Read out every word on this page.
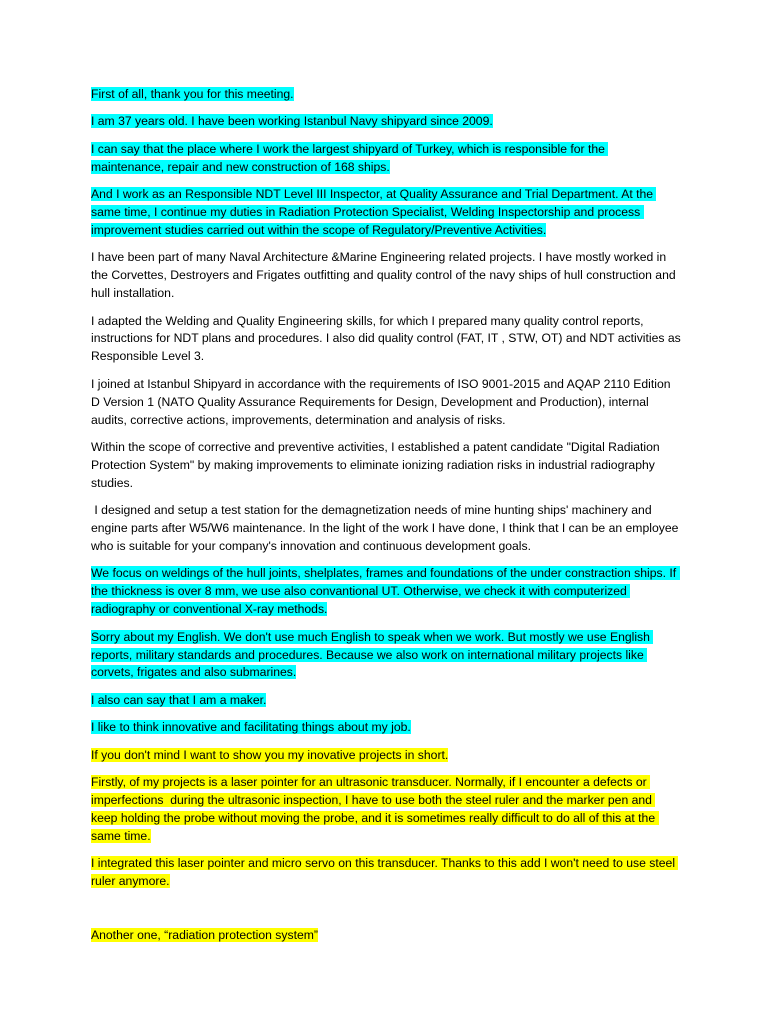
First of all, thank you for this meeting.

I am 37 years old. I have been working Istanbul Navy shipyard since 2009.

I can say that the place where I work the largest shipyard of Turkey, which is responsible for the maintenance, repair and new construction of 168 ships.

And I work as an Responsible NDT Level III Inspector, at Quality Assurance and Trial Department. At the same time, I continue my duties in Radiation Protection Specialist, Welding Inspectorship and process improvement studies carried out within the scope of Regulatory/Preventive Activities.

I have been part of many Naval Architecture &Marine Engineering related projects. I have mostly worked in the Corvettes, Destroyers and Frigates outfitting and quality control of the navy ships of hull construction and hull installation.

I adapted the Welding and Quality Engineering skills, for which I prepared many quality control reports, instructions for NDT plans and procedures. I also did quality control (FAT, IT , STW, OT) and NDT activities as Responsible Level 3.

I joined at Istanbul Shipyard in accordance with the requirements of ISO 9001-2015 and AQAP 2110 Edition D Version 1 (NATO Quality Assurance Requirements for Design, Development and Production), internal audits, corrective actions, improvements, determination and analysis of risks.

Within the scope of corrective and preventive activities, I established a patent candidate "Digital Radiation Protection System" by making improvements to eliminate ionizing radiation risks in industrial radiography studies.

I designed and setup a test station for the demagnetization needs of mine hunting ships' machinery and engine parts after W5/W6 maintenance. In the light of the work I have done, I think that I can be an employee who is suitable for your company's innovation and continuous development goals.

We focus on weldings of the hull joints, shelplates, frames and foundations of the under constraction ships. If the thickness is over 8 mm, we use also convantional UT. Otherwise, we check it with computerized radiography or conventional X-ray methods.

Sorry about my English. We don't use much English to speak when we work. But mostly we use English reports, military standards and procedures. Because we also work on international military projects like corvets, frigates and also submarines.

I also can say that I am a maker.

I like to think innovative and facilitating things about my job.

If you don't mind I want to show you my inovative projects in short.

Firstly, of my projects is a laser pointer for an ultrasonic transducer. Normally, if I encounter a defects or imperfections  during the ultrasonic inspection, I have to use both the steel ruler and the marker pen and keep holding the probe without moving the probe, and it is sometimes really difficult to do all of this at the same time.

I integrated this laser pointer and micro servo on this transducer. Thanks to this add I won't need to use steel ruler anymore.

Another one, “radiation protection system”
